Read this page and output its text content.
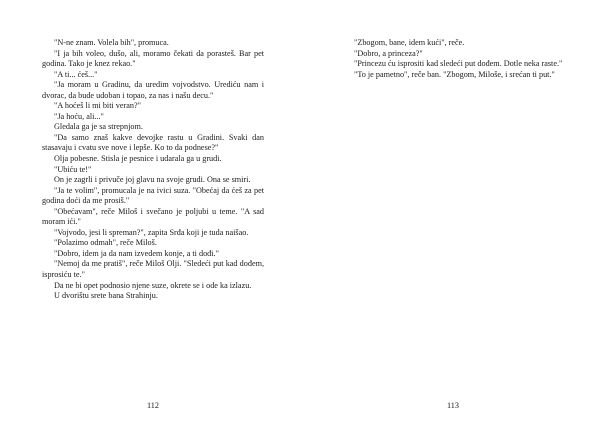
"N-ne znam. Volela bih", promuca.

"I ja bih voleo, dušo, ali, moramo čekati da porasteš. Bar pet godina. Tako je knez rekao."

"A ti... ćeš..."

"Ja moram u Gradinu, da uredim vojvodstvo. Urediću nam i dvorac, da bude udoban i topao, za nas i našu decu."

"A hoćeš li mi biti veran?"

"Ja hoću, ali..."

Gledala ga je sa strepnjom.

"Da samo znaš kakve devojke rastu u Gradini. Svaki dan stasavaju i cvatu sve nove i lepše. Ko to da podnese?"

Olja pobesne. Stisla je pesnice i udarala ga u grudi.

"Ubiću te!"

On je zagrli i privuče joj glavu na svoje grudi. Ona se smiri.

"Ja te volim", promucala je na ivici suza. "Obećaj da ćeš za pet godina doći da me prosiš."

"Obećavam", reče Miloš i svečano je poljubi u teme. "A sad moram ići."

"Vojvodo, jesi li spreman?", zapita Srđa koji je tuda naišao.

"Polazimo odmah", reče Miloš.

"Dobro, idem ja da nam izvedem konje, a ti dođi."

"Nemoj da me pratiš", reče Miloš Olji. "Sledeći put kad dođem, isprosiću te."

Da ne bi opet podnosio njene suze, okrete se i ode ka izlazu.

U dvorištu srete bana Strahinju.

112

"Zbogom, bane, idem kući", reče.

"Dobro, a princeza?"

"Princezu ću isprositi kad sledeći put dođem. Dotle neka raste."

"To je pametno", reče ban. "Zbogom, Miloše, i srećan ti put."

113
